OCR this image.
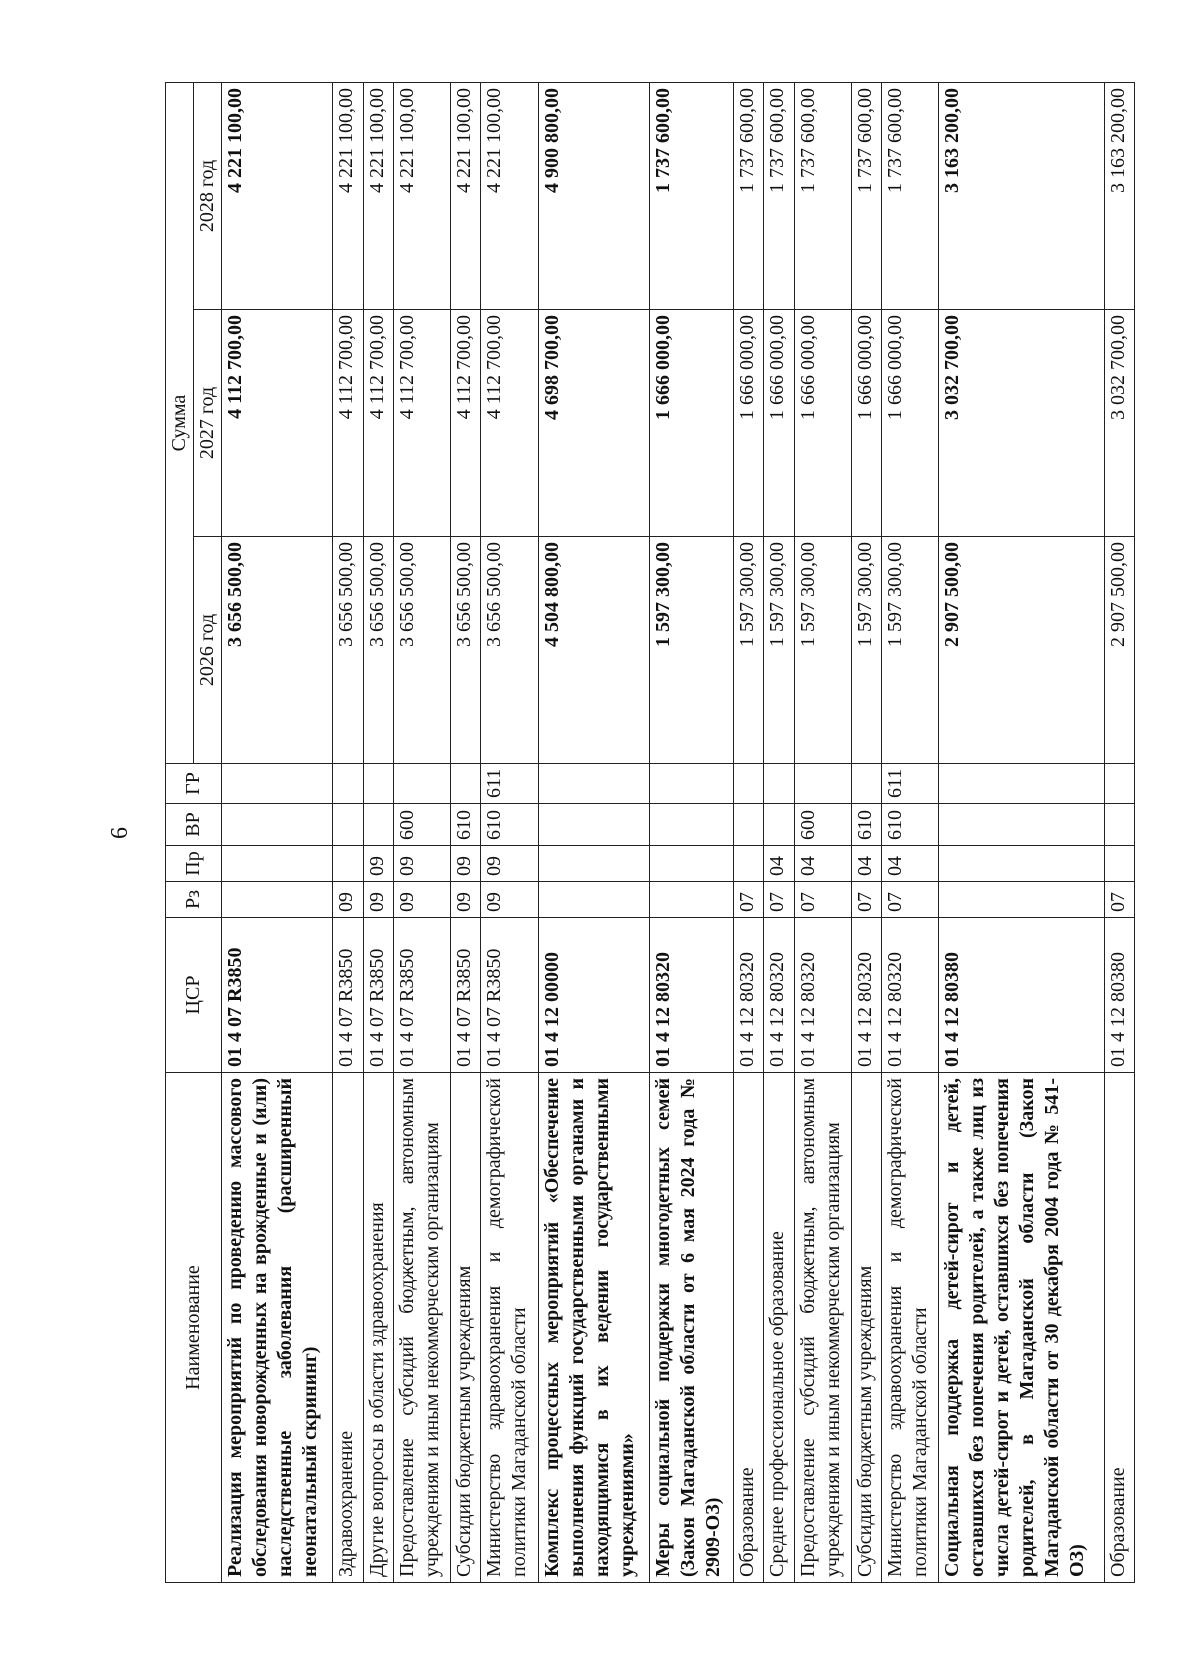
6
Наименование	ЦСР	Рз	Пр	ВР	ГР	Сумма		
						2026 год	2027 год	2028 год
Реализация мероприятий по проведению массового обследования новорожденных на врожденные и (или) наследственные заболевания (расширенный неонатальный скрининг)	01 4 07 R3850					3 656 500,00	4 112 700,00	4 221 100,00
Здравоохранение	01 4 07 R3850	09				3 656 500,00	4 112 700,00	4 221 100,00
Другие вопросы в области здравоохранения	01 4 07 R3850	09	09			3 656 500,00	4 112 700,00	4 221 100,00
Предоставление субсидий бюджетным, автономным учреждениям и иным некоммерческим организациям	01 4 07 R3850	09	09	600		3 656 500,00	4 112 700,00	4 221 100,00
Субсидии бюджетным учреждениям	01 4 07 R3850	09	09	610		3 656 500,00	4 112 700,00	4 221 100,00
Министерство здравоохранения и демографической политики Магаданской области	01 4 07 R3850	09	09	610	611	3 656 500,00	4 112 700,00	4 221 100,00
Комплекс процессных мероприятий «Обеспечение выполнения функций государственными органами и находящимися в их ведении государственными учреждениями»	01 4 12 00000					4 504 800,00	4 698 700,00	4 900 800,00
Меры социальной поддержки многодетных семей (Закон Магаданской области от 6 мая 2024 года № 2909-ОЗ)	01 4 12 80320					1 597 300,00	1 666 000,00	1 737 600,00
Образование	01 4 12 80320	07				1 597 300,00	1 666 000,00	1 737 600,00
Среднее профессиональное образование	01 4 12 80320	07	04			1 597 300,00	1 666 000,00	1 737 600,00
Предоставление субсидий бюджетным, автономным учреждениям и иным некоммерческим организациям	01 4 12 80320	07	04	600		1 597 300,00	1 666 000,00	1 737 600,00
Субсидии бюджетным учреждениям	01 4 12 80320	07	04	610		1 597 300,00	1 666 000,00	1 737 600,00
Министерство здравоохранения и демографической политики Магаданской области	01 4 12 80320	07	04	610	611	1 597 300,00	1 666 000,00	1 737 600,00
Социальная поддержка детей-сирот и детей, оставшихся без попечения родителей, а также лиц из числа детей-сирот и детей, оставшихся без попечения родителей, в Магаданской области (Закон Магаданской области от 30 декабря 2004 года № 541-ОЗ)	01 4 12 80380					2 907 500,00	3 032 700,00	3 163 200,00
Образование	01 4 12 80380	07				2 907 500,00	3 032 700,00	3 163 200,00
